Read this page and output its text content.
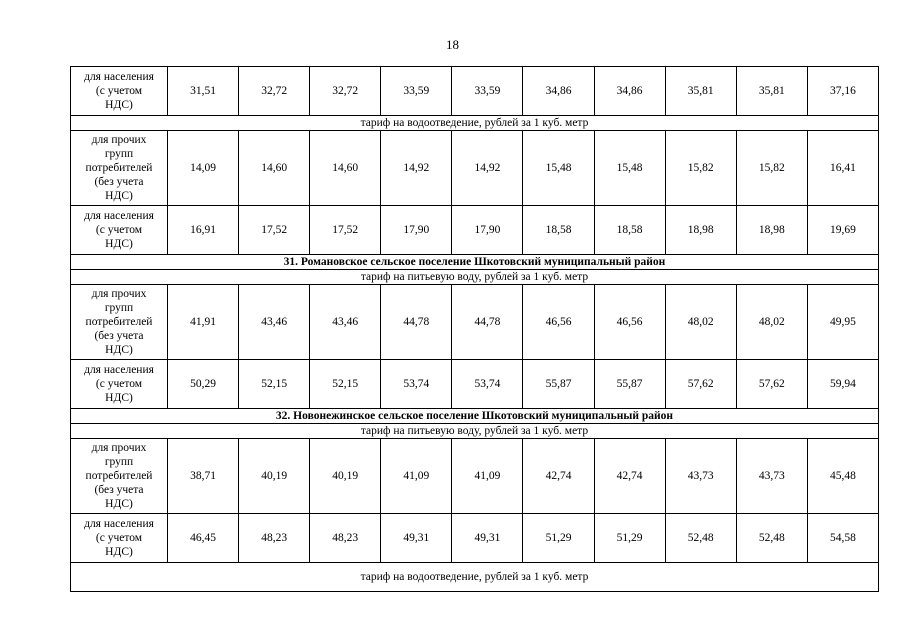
18
для населения
(с учетом
НДС)	31,51	32,72	32,72	33,59	33,59	34,86	34,86	35,81	35,81	37,16
тариф на водоотведение, рублей за 1 куб. метр										
для прочих
групп
потребителей
(без учета
НДС)	14,09	14,60	14,60	14,92	14,92	15,48	15,48	15,82	15,82	16,41
для населения
(с учетом
НДС)	16,91	17,52	17,52	17,90	17,90	18,58	18,58	18,98	18,98	19,69
31. Романовское сельское поселение Шкотовский муниципальный район										
тариф на питьевую воду, рублей за 1 куб. метр										
для прочих
групп
потребителей
(без учета
НДС)	41,91	43,46	43,46	44,78	44,78	46,56	46,56	48,02	48,02	49,95
для населения
(с учетом
НДС)	50,29	52,15	52,15	53,74	53,74	55,87	55,87	57,62	57,62	59,94
32. Новонежинское сельское поселение Шкотовский муниципальный район										
тариф на питьевую воду, рублей за 1 куб. метр										
для прочих
групп
потребителей
(без учета
НДС)	38,71	40,19	40,19	41,09	41,09	42,74	42,74	43,73	43,73	45,48
для населения
(с учетом
НДС)	46,45	48,23	48,23	49,31	49,31	51,29	51,29	52,48	52,48	54,58
тариф на водоотведение, рублей за 1 куб. метр										
